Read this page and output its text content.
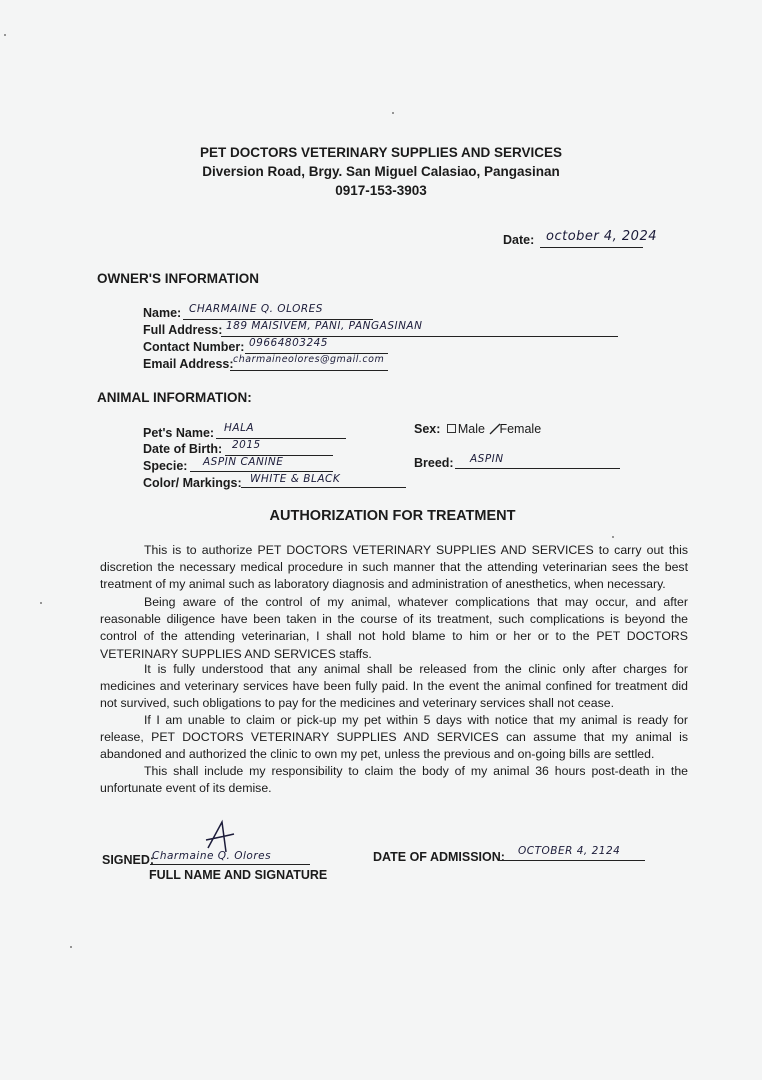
PET DOCTORS VETERINARY SUPPLIES AND SERVICES
Diversion Road, Brgy. San Miguel Calasiao, Pangasinan
0917-153-3903
Date: october 4, 2024
OWNER'S INFORMATION
Name: CHARMAINE Q. OLORES
Full Address: 189 MAISIVEM, PANI, PANGASINAN
Contact Number: 09664803245
Email Address: charmaineolores@gmail.com
ANIMAL INFORMATION:
Pet's Name: HALA
Date of Birth: 2015
Specie: ASPIN CANINE
Color/ Markings: WHITE & BLACK
Sex: Male Female
Breed: ASPIN
AUTHORIZATION FOR TREATMENT
This is to authorize PET DOCTORS VETERINARY SUPPLIES AND SERVICES to carry out this discretion the necessary medical procedure in such manner that the attending veterinarian sees the best treatment of my animal such as laboratory diagnosis and administration of anesthetics, when necessary.
Being aware of the control of my animal, whatever complications that may occur, and after reasonable diligence have been taken in the course of its treatment, such complications is beyond the control of the attending veterinarian, I shall not hold blame to him or her or to the PET DOCTORS VETERINARY SUPPLIES AND SERVICES staffs.
It is fully understood that any animal shall be released from the clinic only after charges for medicines and veterinary services have been fully paid. In the event the animal confined for treatment did not survived, such obligations to pay for the medicines and veterinary services shall not cease.
If I am unable to claim or pick-up my pet within 5 days with notice that my animal is ready for release, PET DOCTORS VETERINARY SUPPLIES AND SERVICES can assume that my animal is abandoned and authorized the clinic to own my pet, unless the previous and on-going bills are settled.
This shall include my responsibility to claim the body of my animal 36 hours post-death in the unfortunate event of its demise.
SIGNED:
Charmaine Q. Olores
FULL NAME AND SIGNATURE
DATE OF ADMISSION: OCTOBER 4, 2124
